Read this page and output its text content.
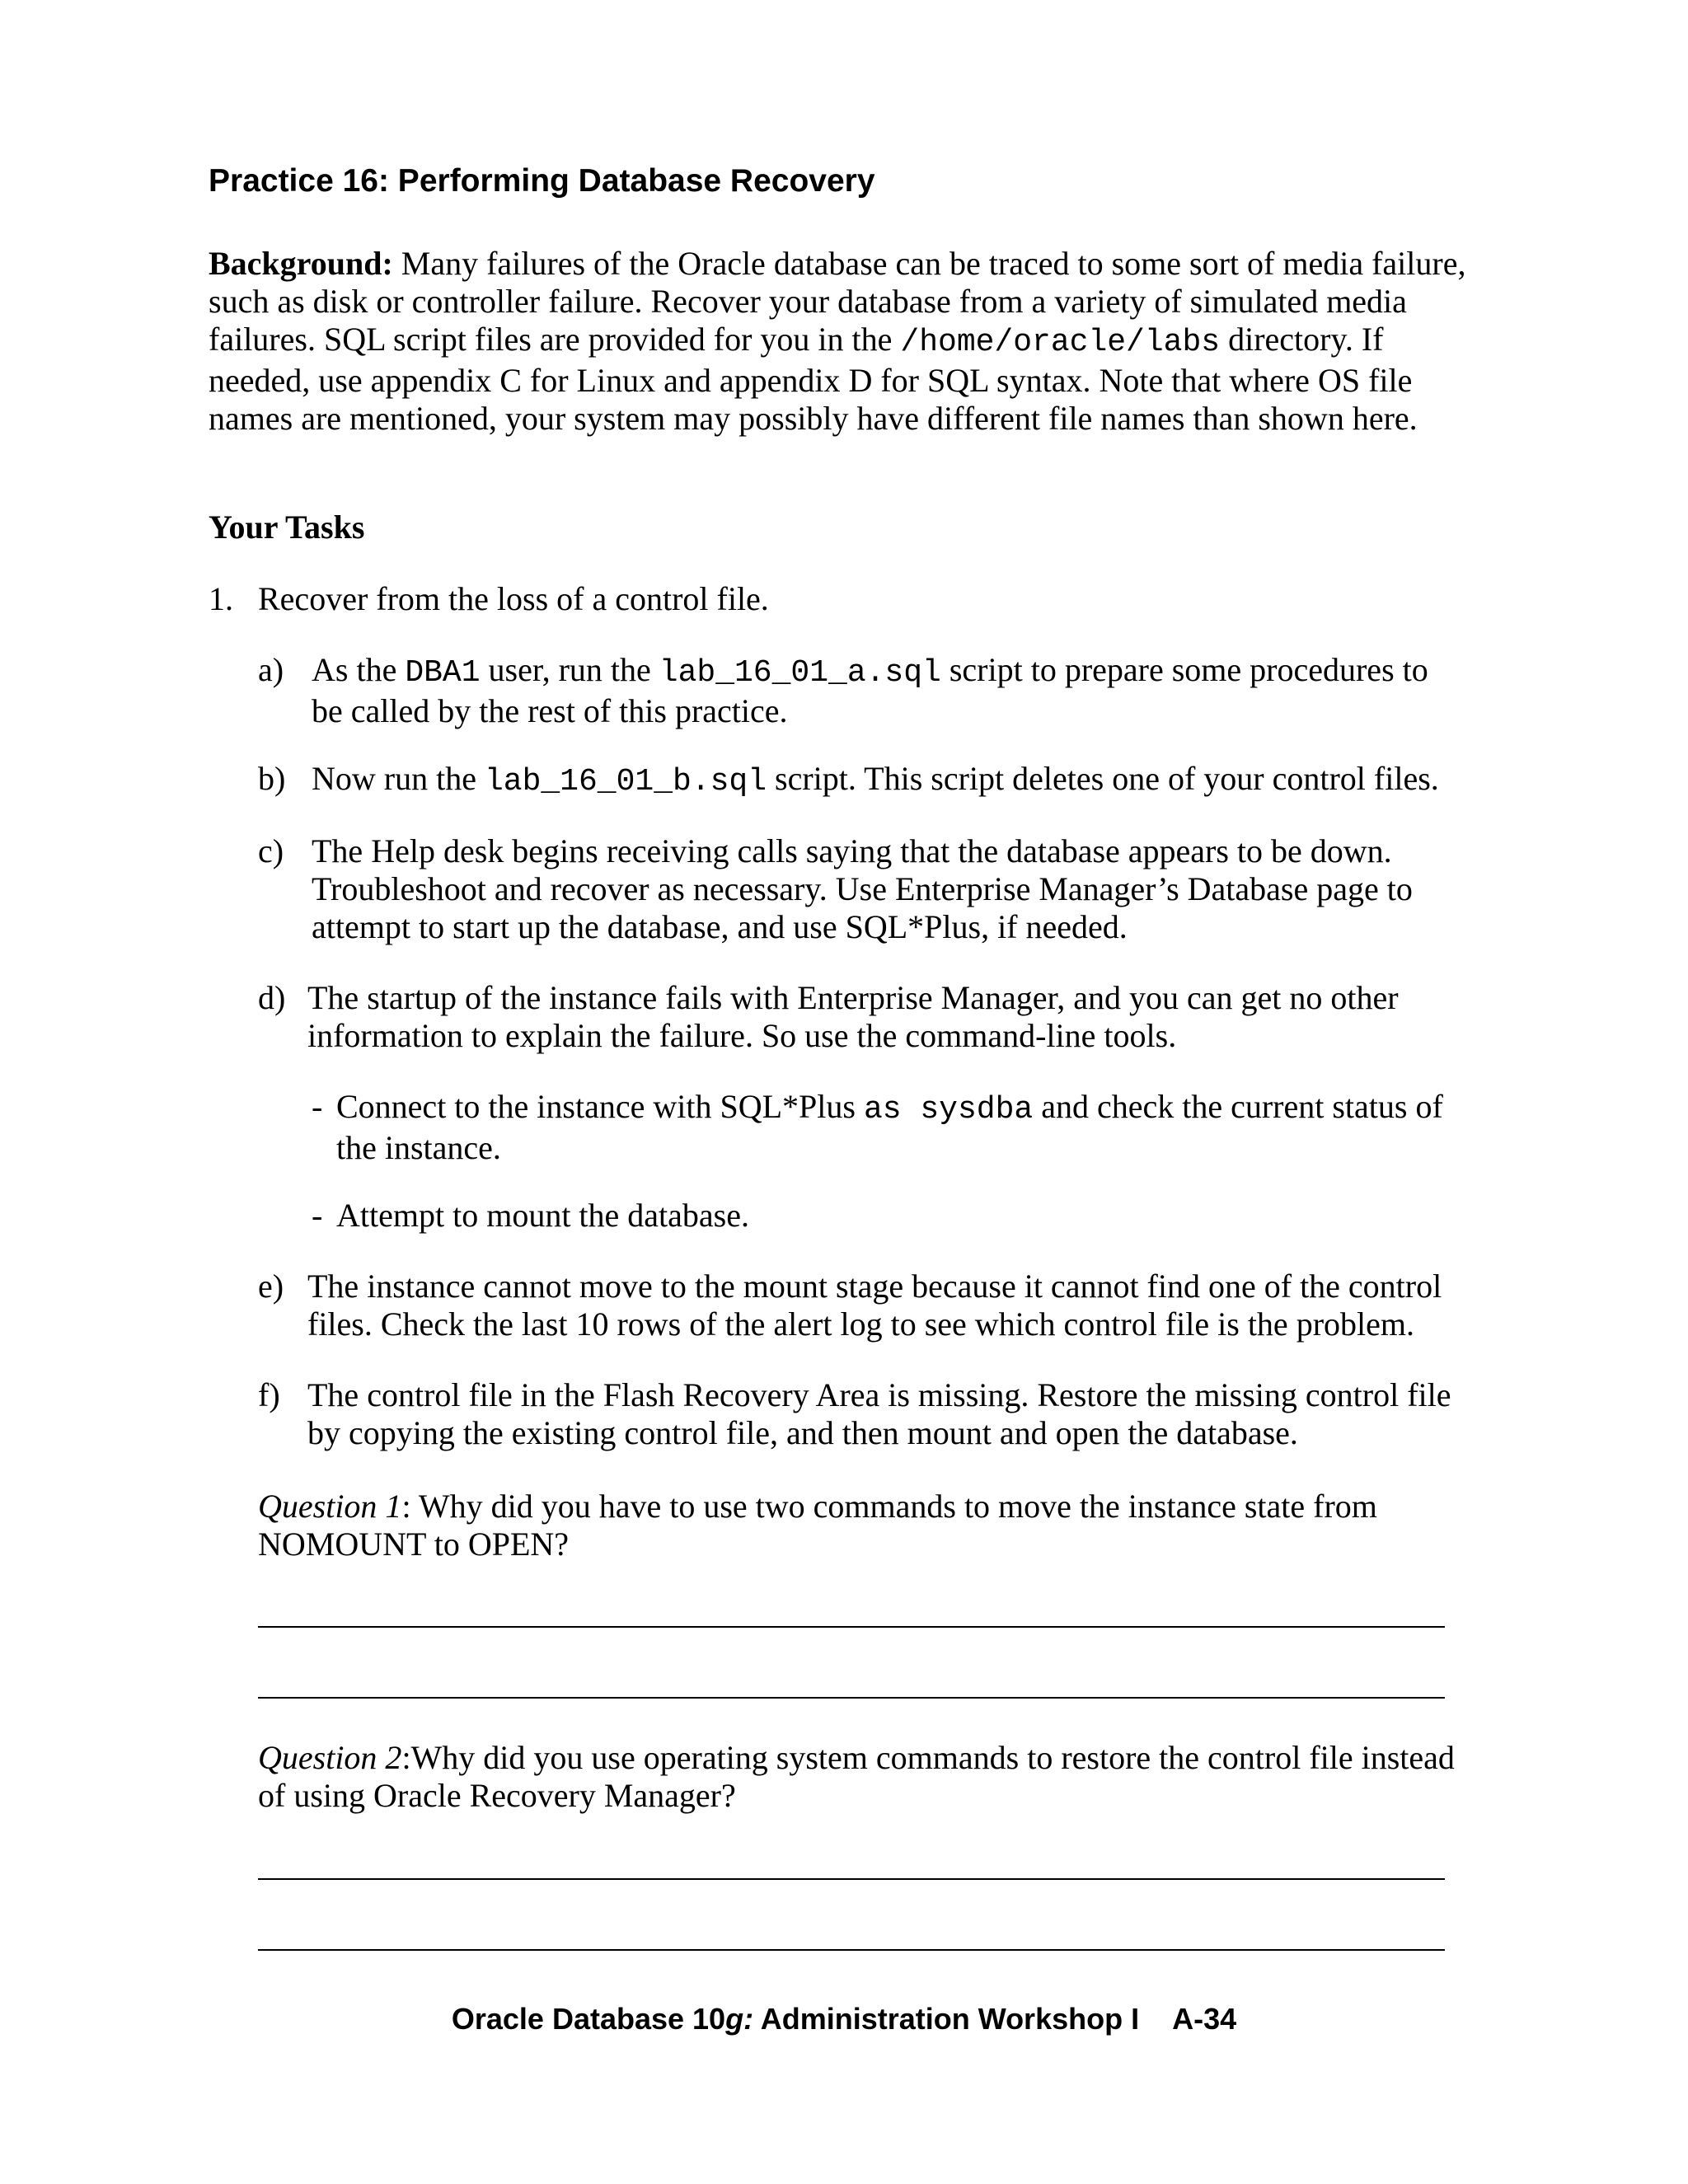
Practice 16: Performing Database Recovery

Background: Many failures of the Oracle database can be traced to some sort of media failure,
such as disk or controller failure. Recover your database from a variety of simulated media
failures. SQL script files are provided for you in the /home/oracle/labs directory. If
needed, use appendix C for Linux and appendix D for SQL syntax. Note that where OS file
names are mentioned, your system may possibly have different file names than shown here.

Your Tasks

1. Recover from the loss of a control file.

a) As the DBA1 user, run the lab_16_01_a.sql script to prepare some procedures to
be called by the rest of this practice.

b) Now run the lab_16_01_b.sql script. This script deletes one of your control files.

c) The Help desk begins receiving calls saying that the database appears to be down.
Troubleshoot and recover as necessary. Use Enterprise Manager’s Database page to
attempt to start up the database, and use SQL*Plus, if needed.

d) The startup of the instance fails with Enterprise Manager, and you can get no other
information to explain the failure. So use the command-line tools.

- Connect to the instance with SQL*Plus as sysdba and check the current status of
the instance.

- Attempt to mount the database.

e) The instance cannot move to the mount stage because it cannot find one of the control
files. Check the last 10 rows of the alert log to see which control file is the problem.

f) The control file in the Flash Recovery Area is missing. Restore the missing control file
by copying the existing control file, and then mount and open the database.

Question 1: Why did you have to use two commands to move the instance state from
NOMOUNT to OPEN?

Question 2:Why did you use operating system commands to restore the control file instead
of using Oracle Recovery Manager?

Oracle Database 10g: Administration Workshop I A-34
